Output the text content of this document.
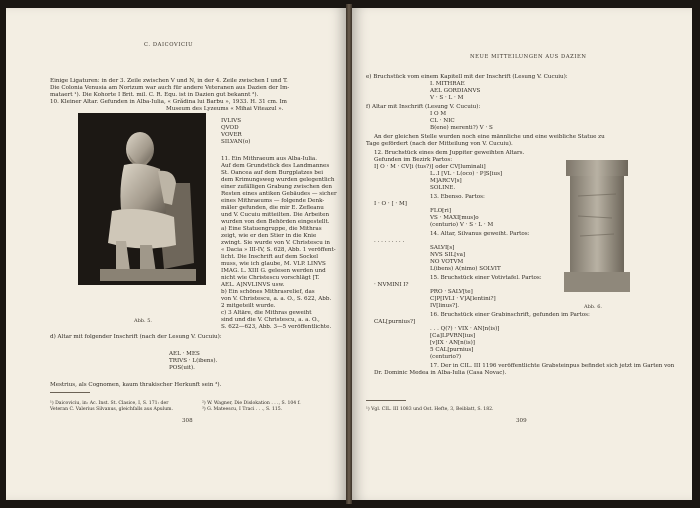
C. DAICOVICIU
Einige Ligaturen: in der 3. Zeile zwischen V und N, in der 4. Zeile zwischen I und T.
Die Colonia Venusia am Norizum war auch für andere Veteranen aus Dazien der Im-
mataert ¹). Die Kohorte I Brit. mil. C. R. Equ. ist in Dazien gut bekannt ²).
10. Kleiner Altar. Gefunden in Alba-Iulia, « Grădina lui Barbu », 1933. H. 31 cm. Im
Museum des Lyzeums « Mihai Viteazul ».
Abb. 5.
IVLIVS
QVOD
VOVER
SILVAN(o)
d) Altar mit folgender Inschrift (nach der Lesung V. Cucuiu):
AEL · MES
TRIVS · L(ibens).
POS(uit).
Mestrius, als Cognomen, kaum thrakischer Herkunft sein ³).
¹) Daicoviciu, in: Ac. Inst. St. Clasice, I, S. 171: der
Veteran C. Valerius Silvanus, gleichfalls aus Apulum.
²) W. Wagner, Die Dislokation . . ., S. 104 f.
³) G. Mateescu, I Traci . . ., S. 115.
308
11. Ein Mithraeum aus Alba-Iulia.
Auf dem Grundstück des Landmannes
St. Oancea auf dem Burgplatzes bei
dem Krimungsweg wurden gelegentlich
einer zufälligen Grabung zwischen den
Resten eines antiken Gebäudes — sicher
eines Mithraeums — folgende Denk-
mäler gefunden, die mir E. Zefleanu
und V. Cucuiu mitteilten. Die Arbeiten
wurden von den Behörden eingestellt.
a) Eine Statuengruppe, die Mithras
zeigt, wie er den Stier in die Knie
zwingt. Sie wurde von V. Christescu in
« Dacia » III-IV, S. 628, Abb. 1 veröffent-
licht. Die Inschrift auf dem Sockel
muss, wie ich glaube, M. VLP. LINVS
IMAG. L. XIII G. gelesen werden und
nicht wie Christescu vorschlägt [T.
AEL. A]NVLINVS usw.
b) Ein schönes Mithrasrelief, das
von V. Christescu, a. a. O., S. 622, Abb.
2 mitgeteilt wurde.
c) 3 Altäre, die Mithras geweiht
sind und die V. Christescu, a. a. O.,
S. 622—623, Abb. 3—5 veröffentlichte.
NEUE MITTEILUNGEN AUS DAZIEN
Abb. 6.
¹) Vgl. CIL. III 1083 und Ost. Hefte, 3, Beiblatt, S. 182.
309
e) Bruchstück vom einem Kapitell mit der Inschrift (Lesung V. Cucuiu):
I. MITHRAE
AEL GORDIANVS
V · S · L · M
f) Altar mit Inschrift (Lesung V. Cucuiu):
I O M
CL · NIC
B(ene) merenti?) V · S
An der gleichen Stelle wurden noch eine männliche und eine weibliche Statue zu
Tage gefördert (nach der Mitteilung von V. Cucuiu).
12. Bruchstück eines dem Juppiter geweihten Altars.
Gefunden im Bezirk Partos:
I] O · M · CV[i (tus?)] oder CV[luminali]
L..I [VL · L(oco) · P]S[ius]
M]ARCV[s]
SOLINE.
13. Ebenso. Partos:
I · O · [ · M]
FLO[ri]
VS · MAXI[mus]o
(centurio) V · S · L · M
14. Altar, Silvanus geweiht. Partos:
. . . . . . . . .
SALVI[s]
NVS SIL[va]
NO VOTVM
L(ibens) A(nimo) SOLVIT
15. Bruchstück einer Votivtafel. Partos:
· NVMINI I?
PRO · SALV[te]
C]P[IVLI · V]A[lentini?]
IV[linus?].
16. Bruchstück einer Grabinschrift, gefunden im Partos:
CAL[purnius?]
. . . Q(?) · VIX · AN[n(is)]
[Ca]LPVRN[ius]
[v]IX · AN[n(is)]
5 CAL[purnius]
(centurio?)
17. Der in CIL. III 1196 veröffentlichte Grabsteinpus befindet sich jetzt im Garten von
Dr. Dominic Medea in Alba-Iulia (Casa Novac).
